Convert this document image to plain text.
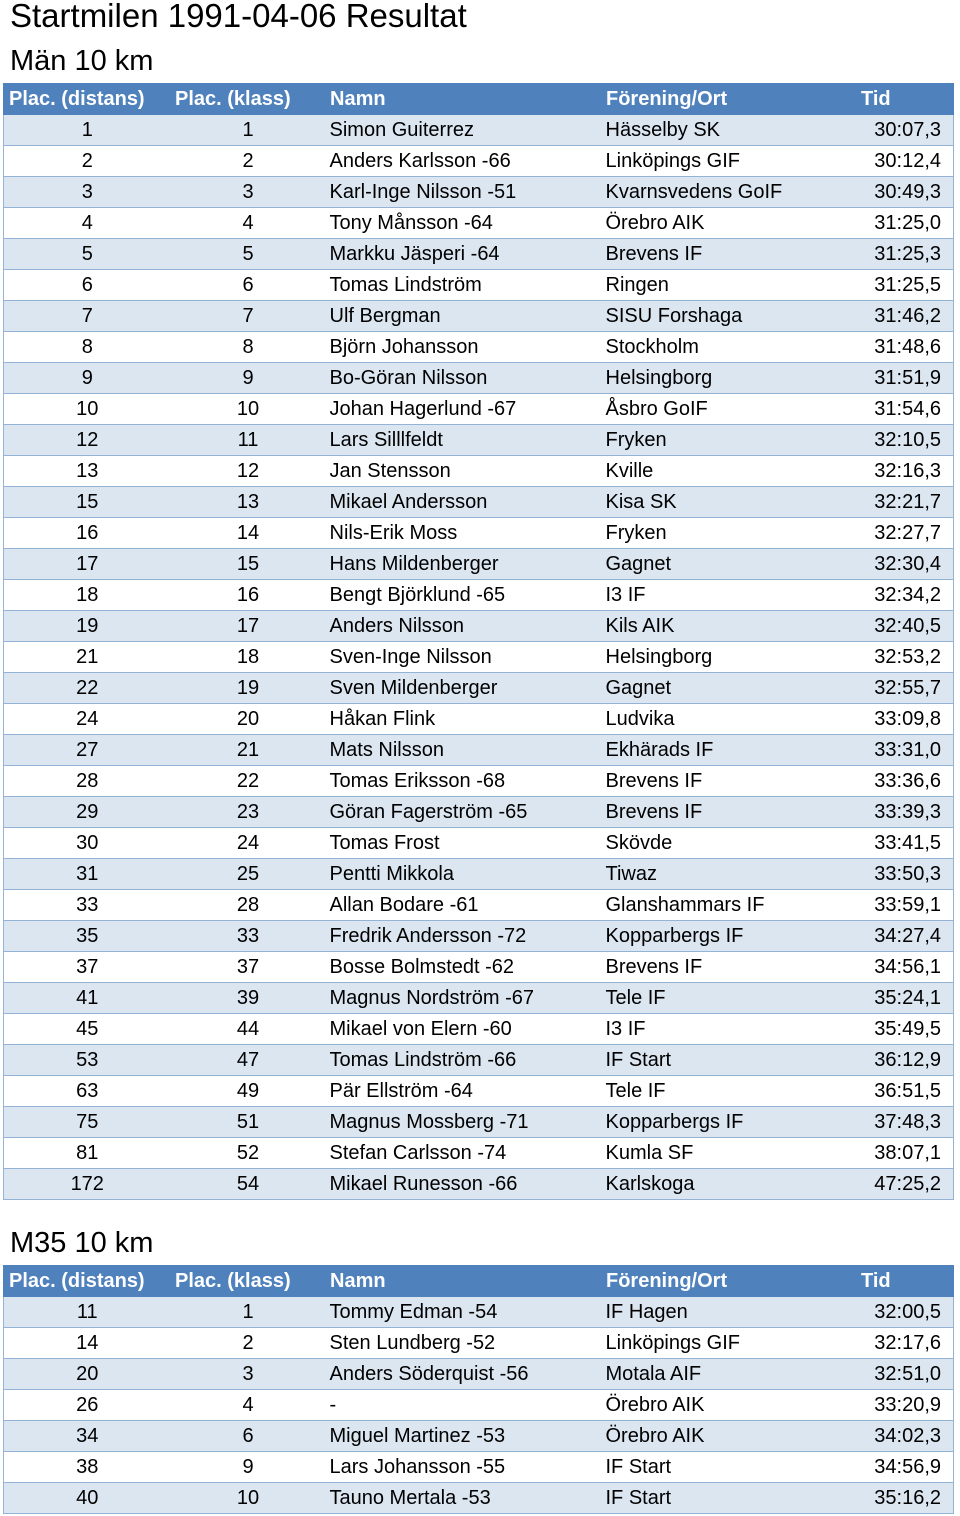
Startmilen 1991-04-06 Resultat
Män 10 km
Plac. (distans)	Plac. (klass)	Namn	Förening/Ort	Tid
1	1	Simon Guiterrez	Hässelby SK	30:07,3
2	2	Anders Karlsson -66	Linköpings GIF	30:12,4
3	3	Karl-Inge Nilsson -51	Kvarnsvedens GoIF	30:49,3
4	4	Tony Månsson -64	Örebro AIK	31:25,0
5	5	Markku Jäsperi -64	Brevens IF	31:25,3
6	6	Tomas Lindström	Ringen	31:25,5
7	7	Ulf Bergman	SISU Forshaga	31:46,2
8	8	Björn Johansson	Stockholm	31:48,6
9	9	Bo-Göran Nilsson	Helsingborg	31:51,9
10	10	Johan Hagerlund -67	Åsbro GoIF	31:54,6
12	11	Lars Silllfeldt	Fryken	32:10,5
13	12	Jan Stensson	Kville	32:16,3
15	13	Mikael Andersson	Kisa SK	32:21,7
16	14	Nils-Erik Moss	Fryken	32:27,7
17	15	Hans Mildenberger	Gagnet	32:30,4
18	16	Bengt Björklund -65	I3 IF	32:34,2
19	17	Anders Nilsson	Kils AIK	32:40,5
21	18	Sven-Inge Nilsson	Helsingborg	32:53,2
22	19	Sven Mildenberger	Gagnet	32:55,7
24	20	Håkan Flink	Ludvika	33:09,8
27	21	Mats Nilsson	Ekhärads IF	33:31,0
28	22	Tomas Eriksson -68	Brevens IF	33:36,6
29	23	Göran Fagerström -65	Brevens IF	33:39,3
30	24	Tomas Frost	Skövde	33:41,5
31	25	Pentti Mikkola	Tiwaz	33:50,3
33	28	Allan Bodare -61	Glanshammars IF	33:59,1
35	33	Fredrik Andersson -72	Kopparbergs IF	34:27,4
37	37	Bosse Bolmstedt -62	Brevens IF	34:56,1
41	39	Magnus Nordström -67	Tele IF	35:24,1
45	44	Mikael von Elern -60	I3 IF	35:49,5
53	47	Tomas Lindström -66	IF Start	36:12,9
63	49	Pär Ellström -64	Tele IF	36:51,5
75	51	Magnus Mossberg -71	Kopparbergs IF	37:48,3
81	52	Stefan Carlsson -74	Kumla SF	38:07,1
172	54	Mikael Runesson -66	Karlskoga	47:25,2
M35 10 km
Plac. (distans)	Plac. (klass)	Namn	Förening/Ort	Tid
11	1	Tommy Edman -54	IF Hagen	32:00,5
14	2	Sten Lundberg -52	Linköpings GIF	32:17,6
20	3	Anders Söderquist -56	Motala AIF	32:51,0
26	4	-	Örebro AIK	33:20,9
34	6	Miguel Martinez -53	Örebro AIK	34:02,3
38	9	Lars Johansson -55	IF Start	34:56,9
40	10	Tauno Mertala -53	IF Start	35:16,2
